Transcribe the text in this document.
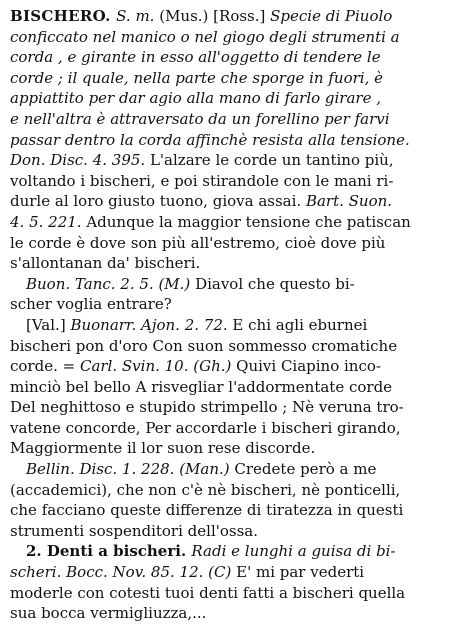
BISCHERO. S. m. (Mus.) [Ross.] Specie di Piuolo
conficcato nel manico o nel giogo degli strumenti a
corda , e girante in esso all'oggetto di tendere le
corde ; il quale, nella parte che sporge in fuori, è
appiattito per dar agio alla mano di farlo girare ,
e nell'altra è attraversato da un forellino per farvi
passar dentro la corda affinchè resista alla tensione.
Don. Disc. 4. 395. L'alzare le corde un tantino più,
voltando i bischeri, e poi stirandole con le mani ri-
durle al loro giusto tuono, giova assai. Bart. Suon.
4. 5. 221. Adunque la maggior tensione che patiscan
le corde è dove son più all'estremo, cioè dove più
s'allontanan da' bischeri.
Buon. Tanc. 2. 5. (M.) Diavol che questo bi-
scher voglia entrare?
[Val.] Buonarr. Ajon. 2. 72. E chi agli eburnei
bischeri pon d'oro Con suon sommesso cromatiche
corde. = Carl. Svin. 10. (Gh.) Quivi Ciapino inco-
minciò bel bello A risvegliar l'addormentate corde
Del neghittoso e stupido strimpello ; Nè veruna tro-
vatene concorde, Per accordarle i bischeri girando,
Maggiormente il lor suon rese discorde.
Bellin. Disc. 1. 228. (Man.) Credete però a me
(accademici), che non c'è nè bischeri, nè ponticelli,
che facciano queste differenze di tiratezza in questi
strumenti sospenditori dell'ossa.
2. Denti a bischeri. Radi e lunghi a guisa di bi-
scheri. Bocc. Nov. 85. 12. (C) E' mi par vederti
moderle con cotesti tuoi denti fatti a bischeri quella
sua bocca vermigliuzza,...
